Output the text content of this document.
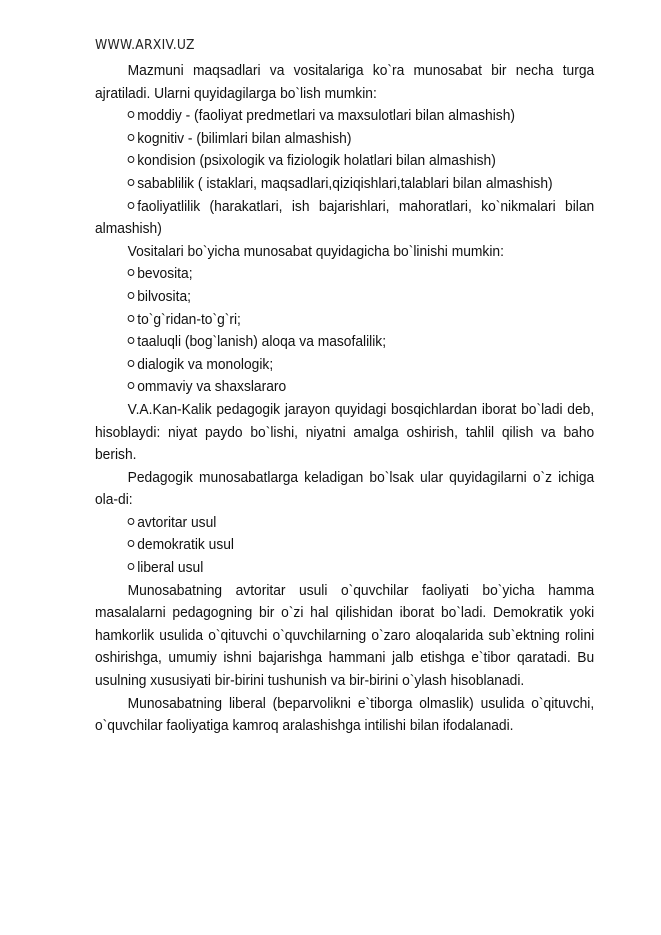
WWW.ARXIV.UZ

Mazmuni maqsadlari va vositalariga ko`ra munosabat bir necha turga ajratiladi. Ularni quyidagilarga bo`lish mumkin:

moddiy - (faoliyat predmetlari va maxsulotlari bilan almashish)

kognitiv - (bilimlari bilan almashish)

kondision (psixologik va fiziologik holatlari bilan almashish)

sabablilik ( istaklari, maqsadlari,qiziqishlari,talablari bilan almashish)

faoliyatlilik (harakatlari, ish bajarishlari, mahoratlari, ko`nikmalari bilan almashish)

Vositalari bo`yicha munosabat quyidagicha bo`linishi mumkin:

bevosita;

bilvosita;

to`g`ridan-to`g`ri;

taaluqli (bog`lanish) aloqa va masofalilik;

dialogik va monologik;

ommaviy va shaxslararo

V.A.Kan-Kalik pedagogik jarayon quyidagi bosqichlardan iborat bo`ladi deb, hisoblaydi: niyat paydo bo`lishi, niyatni amalga oshirish, tahlil qilish va baho berish.

Pedagogik munosabatlarga keladigan bo`lsak ular quyidagilarni o`z ichiga ola-di:

avtoritar usul

demokratik usul

liberal usul

Munosabatning avtoritar usuli o`quvchilar faoliyati bo`yicha hamma masalalarni pedagogning bir o`zi hal qilishidan iborat bo`ladi. Demokratik yoki hamkorlik usulida o`qituvchi o`quvchilarning o`zaro aloqalarida sub`ektning rolini oshirishga, umumiy ishni bajarishga hammani jalb etishga e`tibor qaratadi. Bu usulning xususiyati bir-birini tushunish va bir-birini o`ylash hisoblanadi.

Munosabatning liberal (beparvolikni e`tiborga olmaslik) usulida o`qituvchi, o`quvchilar faoliyatiga kamroq aralashishga intilishi bilan ifodalanadi.
